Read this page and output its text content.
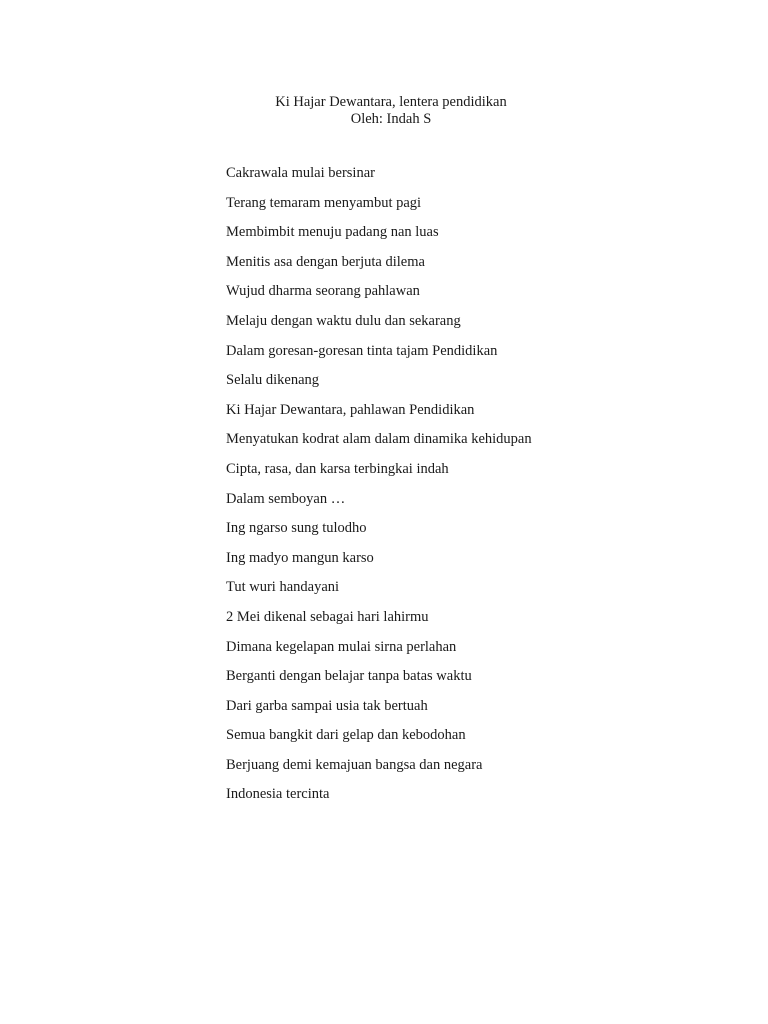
Ki Hajar Dewantara, lentera pendidikan
Oleh: Indah S
Cakrawala mulai bersinar
Terang temaram menyambut pagi
Membimbit menuju padang nan luas
Menitis asa dengan berjuta dilema
Wujud dharma seorang pahlawan
Melaju dengan waktu dulu dan sekarang
Dalam goresan-goresan tinta tajam Pendidikan
Selalu dikenang
Ki Hajar Dewantara, pahlawan Pendidikan
Menyatukan kodrat alam dalam dinamika kehidupan
Cipta, rasa, dan karsa terbingkai indah
Dalam semboyan …
Ing ngarso sung tulodho
Ing madyo mangun karso
Tut wuri handayani
2 Mei dikenal sebagai hari lahirmu
Dimana kegelapan mulai sirna perlahan
Berganti dengan belajar tanpa batas waktu
Dari garba sampai usia tak bertuah
Semua bangkit dari gelap dan kebodohan
Berjuang demi kemajuan bangsa dan negara
Indonesia tercinta
